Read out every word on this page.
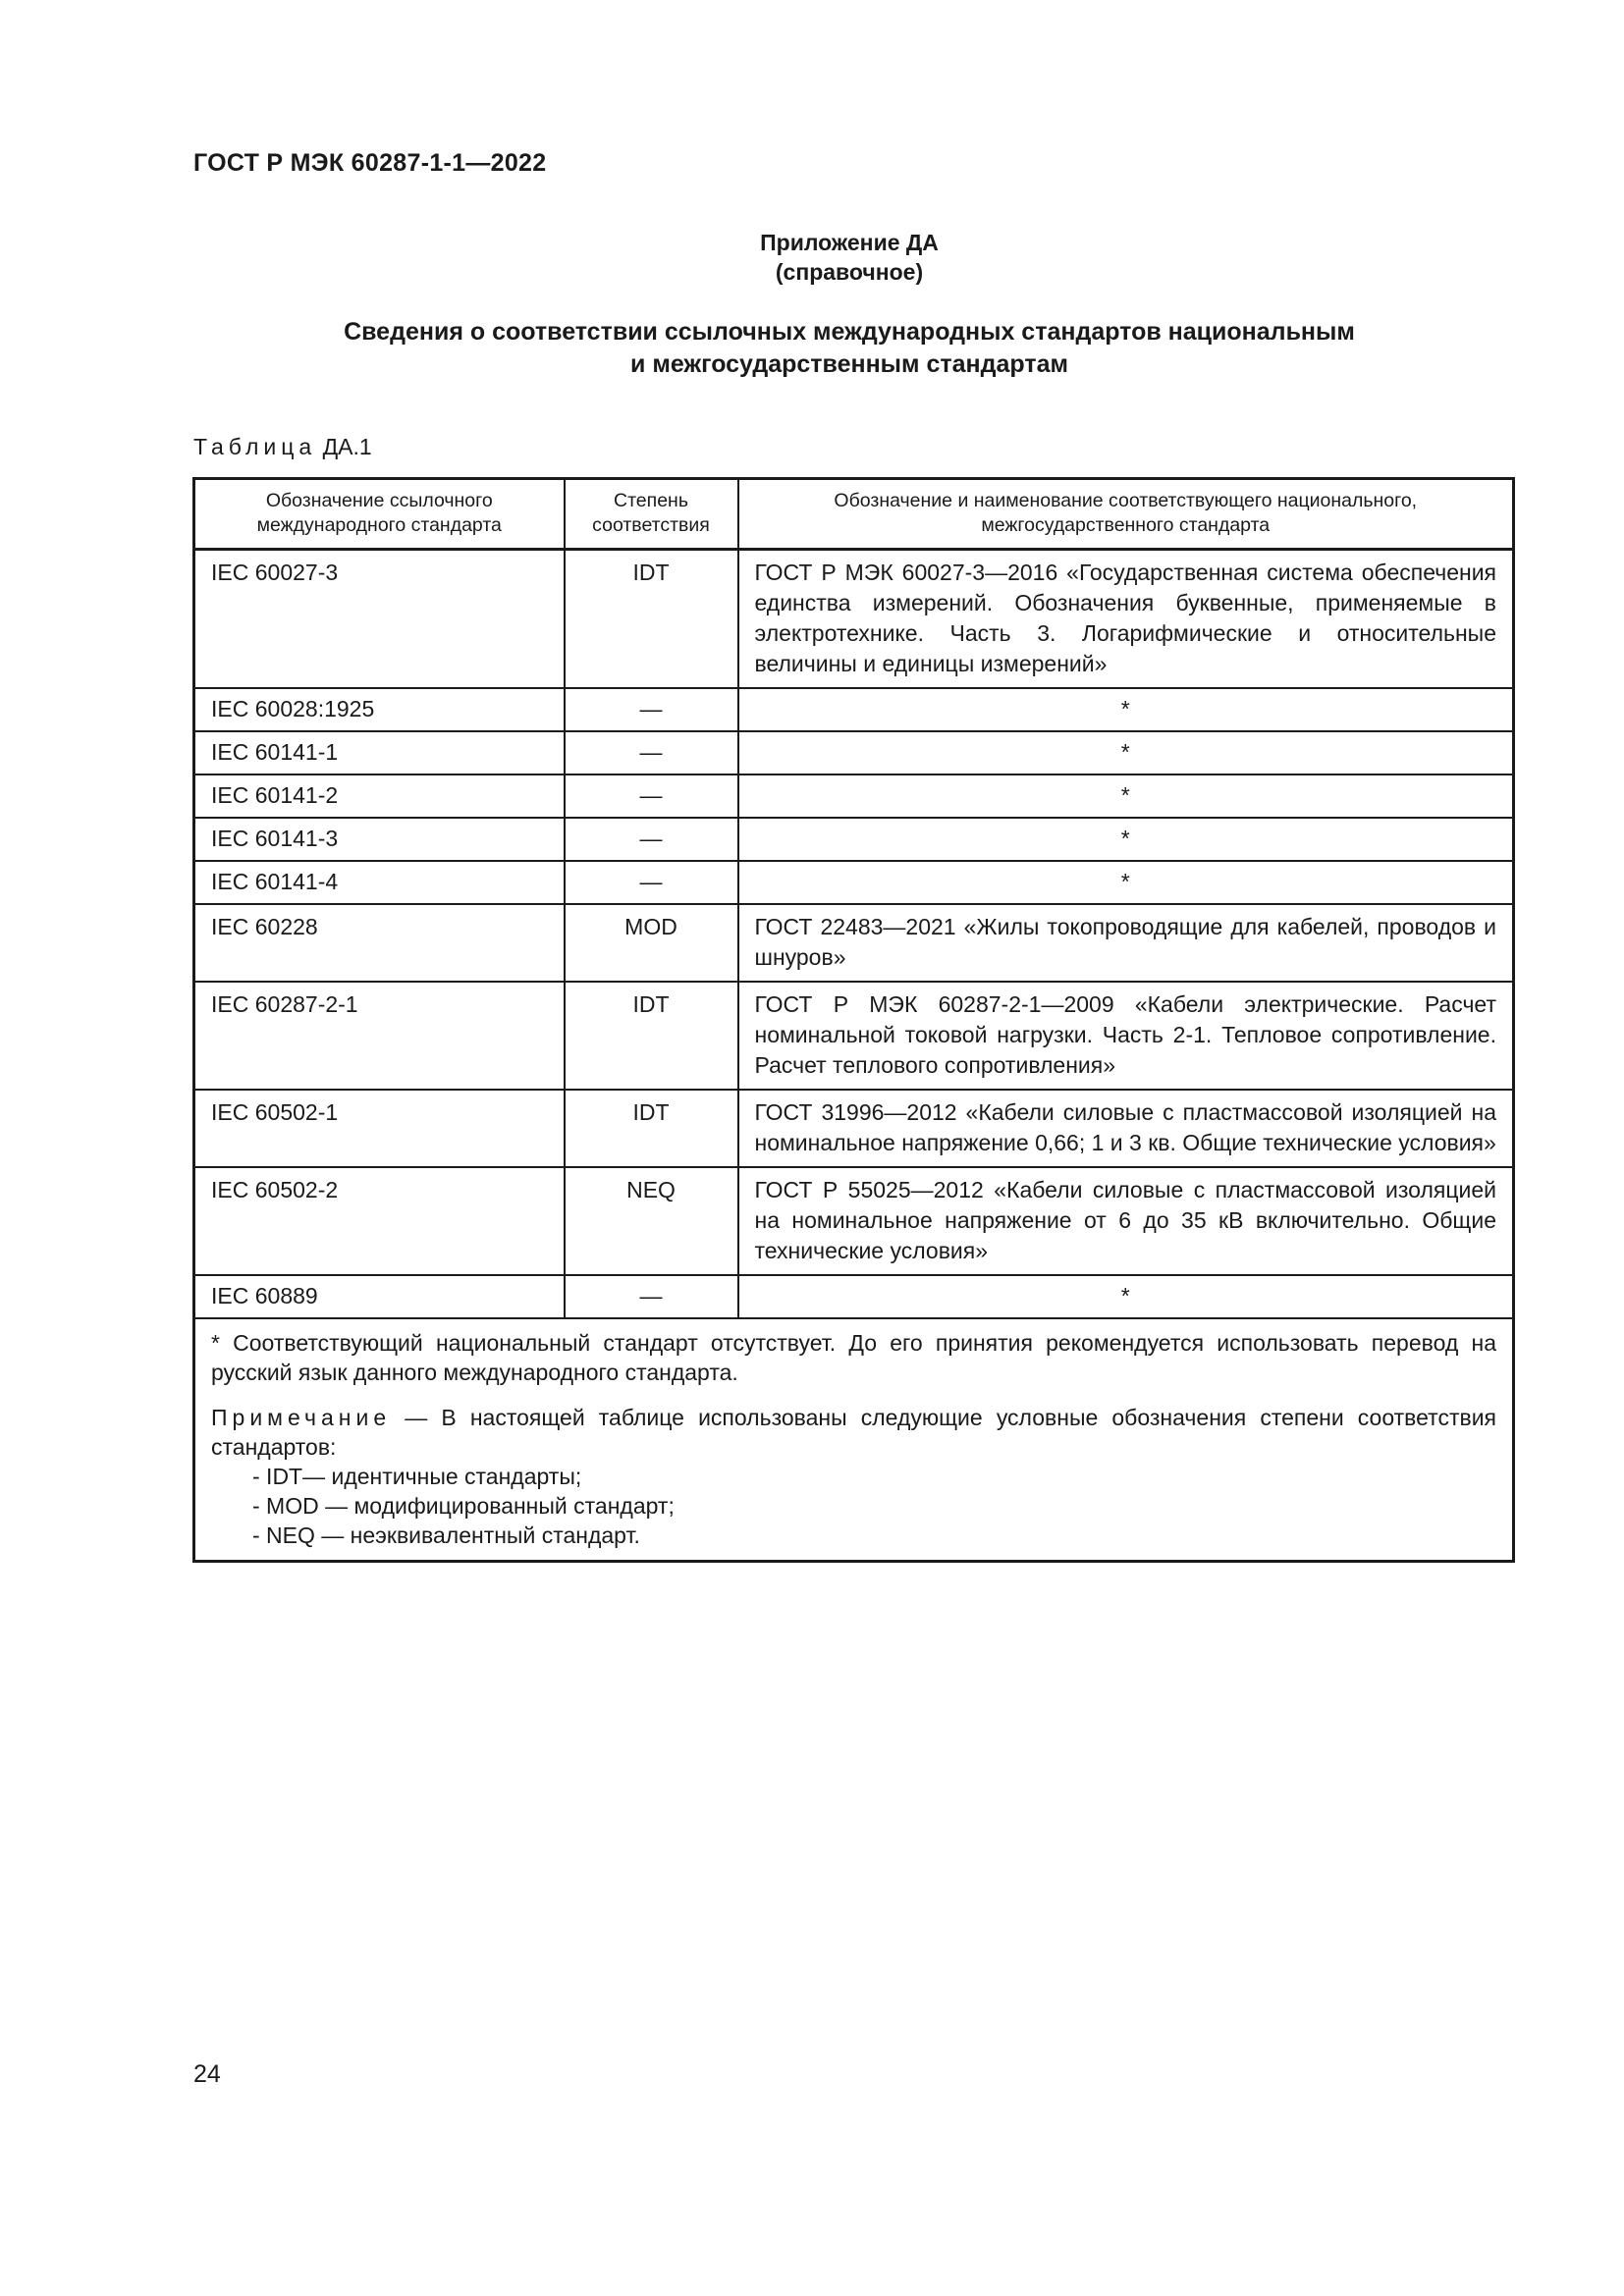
ГОСТ Р МЭК 60287-1-1—2022
Приложение ДА
(справочное)
Сведения о соответствии ссылочных международных стандартов национальным
и межгосударственным стандартам
Таблица ДА.1
Обозначение ссылочного международного стандарта	Степень соответствия	Обозначение и наименование соответствующего национального, межгосударственного стандарта
IEC 60027-3	IDT	ГОСТ Р МЭК 60027-3—2016 «Государственная система обеспечения единства измерений. Обозначения буквенные, применяемые в электротехнике. Часть 3. Логарифмические и относительные величины и единицы измерений»
IEC 60028:1925	—	*
IEC 60141-1	—	*
IEC 60141-2	—	*
IEC 60141-3	—	*
IEC 60141-4	—	*
IEC 60228	MOD	ГОСТ 22483—2021 «Жилы токопроводящие для кабелей, проводов и шнуров»
IEC 60287-2-1	IDT	ГОСТ Р МЭК 60287-2-1—2009 «Кабели электрические. Расчет номинальной токовой нагрузки. Часть 2-1. Тепловое сопротивление. Расчет теплового сопротивления»
IEC 60502-1	IDT	ГОСТ 31996—2012 «Кабели силовые с пластмассовой изоляцией на номинальное напряжение 0,66; 1 и 3 кв. Общие технические условия»
IEC 60502-2	NEQ	ГОСТ Р 55025—2012 «Кабели силовые с пластмассовой изоляцией на номинальное напряжение от 6 до 35 кВ включительно. Общие технические условия»
IEC 60889	—	*

* Соответствующий национальный стандарт отсутствует. До его принятия рекомендуется использовать перевод на русский язык данного международного стандарта.
Примечание — В настоящей таблице использованы следующие условные обозначения степени соответствия стандартов:
- IDT— идентичные стандарты;
- MOD — модифицированный стандарт;
- NEQ — неэквивалентный стандарт.		
24
